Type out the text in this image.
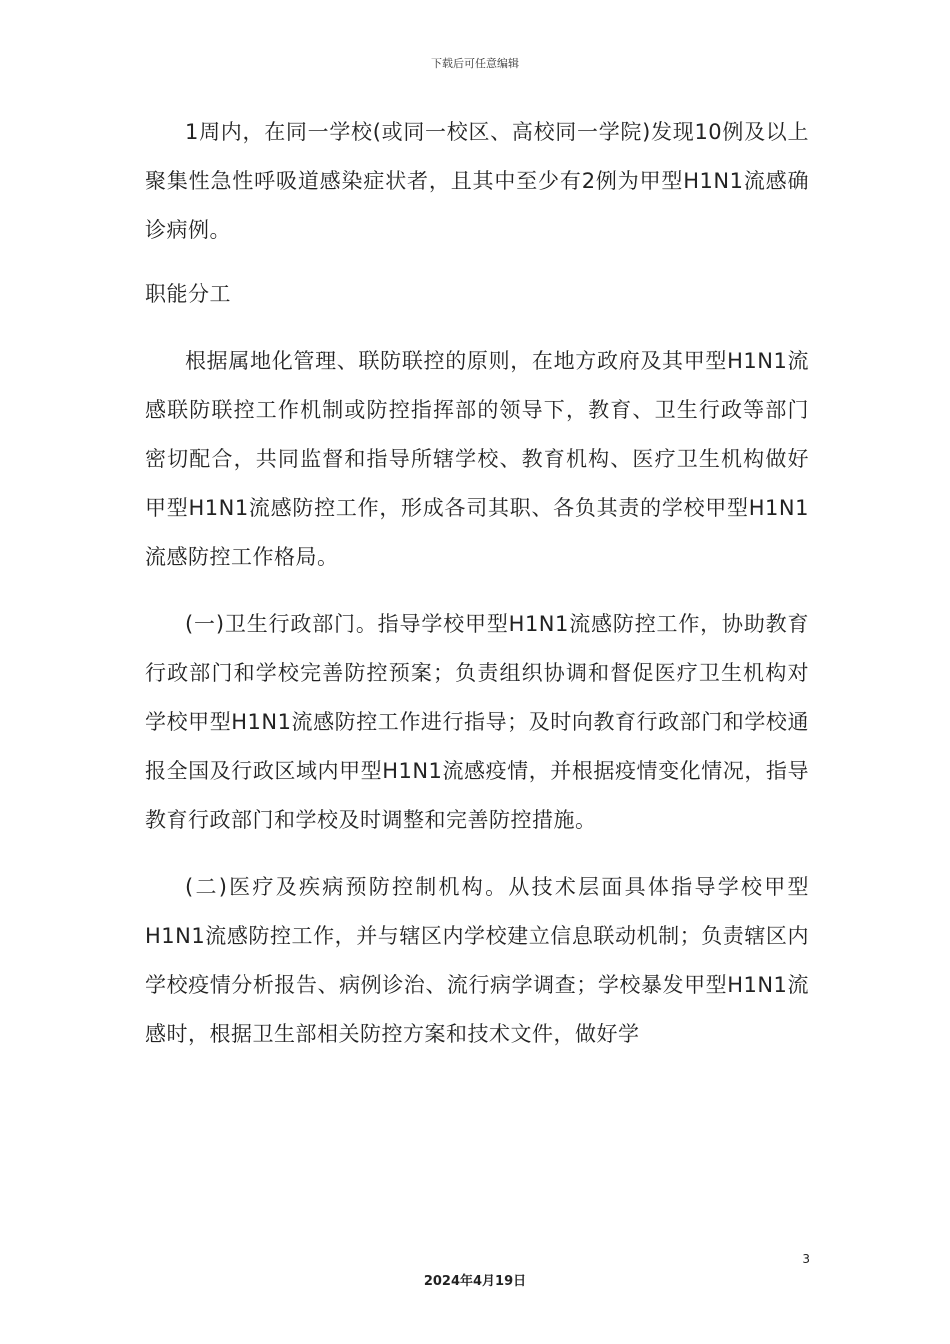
下载后可任意编辑

1周内，在同一学校(或同一校区、高校同一学院)发现10例及以上聚集性急性呼吸道感染症状者，且其中至少有2例为甲型H1N1流感确诊病例。

职能分工

根据属地化管理、联防联控的原则，在地方政府及其甲型H1N1流感联防联控工作机制或防控指挥部的领导下，教育、卫生行政等部门密切配合，共同监督和指导所辖学校、教育机构、医疗卫生机构做好甲型H1N1流感防控工作，形成各司其职、各负其责的学校甲型H1N1流感防控工作格局。

(一)卫生行政部门。指导学校甲型H1N1流感防控工作，协助教育行政部门和学校完善防控预案；负责组织协调和督促医疗卫生机构对学校甲型H1N1流感防控工作进行指导；及时向教育行政部门和学校通报全国及行政区域内甲型H1N1流感疫情，并根据疫情变化情况，指导教育行政部门和学校及时调整和完善防控措施。

(二)医疗及疾病预防控制机构。从技术层面具体指导学校甲型H1N1流感防控工作，并与辖区内学校建立信息联动机制；负责辖区内学校疫情分析报告、病例诊治、流行病学调查；学校暴发甲型H1N1流感时，根据卫生部相关防控方案和技术文件，做好学

3
2024年4月19日
